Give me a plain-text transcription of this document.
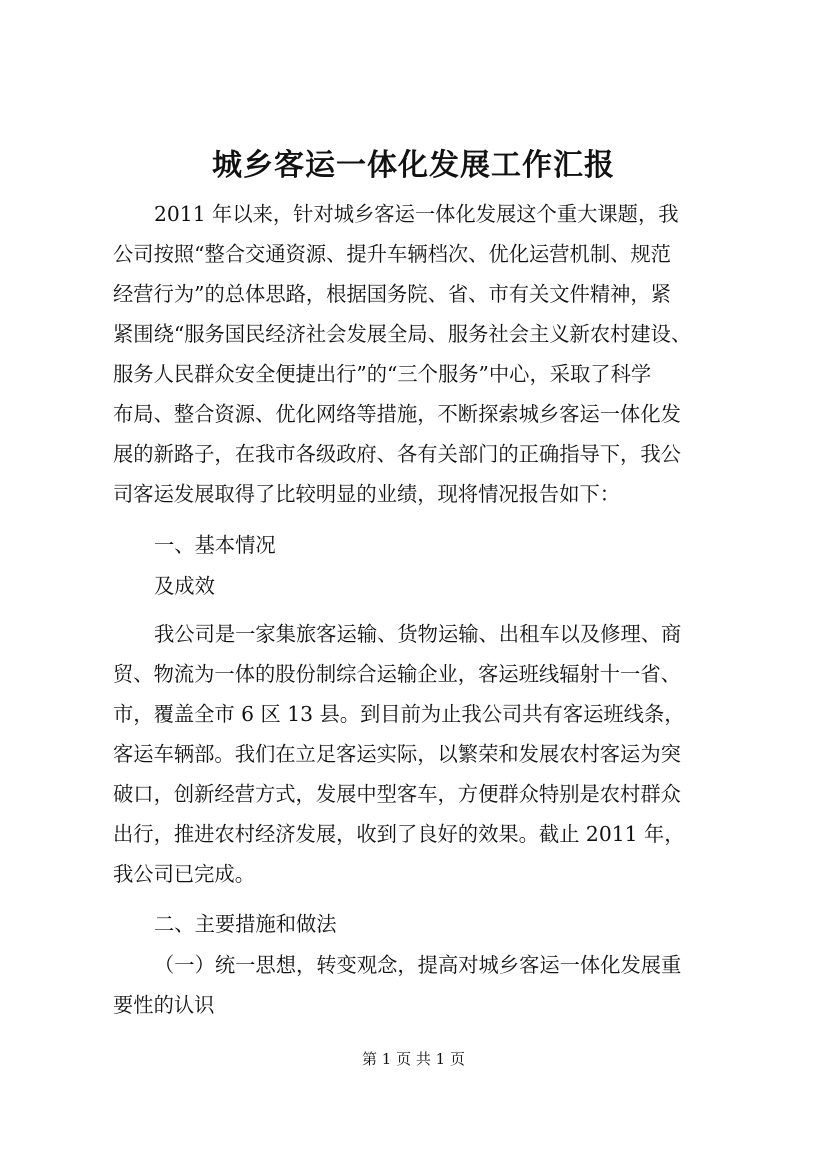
城乡客运一体化发展工作汇报

2011 年以来，针对城乡客运一体化发展这个重大课题，我

公司按照“整合交通资源、提升车辆档次、优化运营机制、规范

经营行为”的总体思路，根据国务院、省、市有关文件精神，紧

紧围绕“服务国民经济社会发展全局、服务社会主义新农村建设、

服务人民群众安全便捷出行”的“三个服务”中心，采取了科学

布局、整合资源、优化网络等措施，不断探索城乡客运一体化发

展的新路子，在我市各级政府、各有关部门的正确指导下，我公

司客运发展取得了比较明显的业绩，现将情况报告如下：

一、基本情况

及成效

我公司是一家集旅客运输、货物运输、出租车以及修理、商

贸、物流为一体的股份制综合运输企业，客运班线辐射十一省、

市，覆盖全市 6 区 13 县。到目前为止我公司共有客运班线条，

客运车辆部。我们在立足客运实际，以繁荣和发展农村客运为突

破口，创新经营方式，发展中型客车，方便群众特别是农村群众

出行，推进农村经济发展，收到了良好的效果。截止 2011 年，

我公司已完成。

二、主要措施和做法

（一）统一思想，转变观念，提高对城乡客运一体化发展重

要性的认识

第 1 页 共 1 页
